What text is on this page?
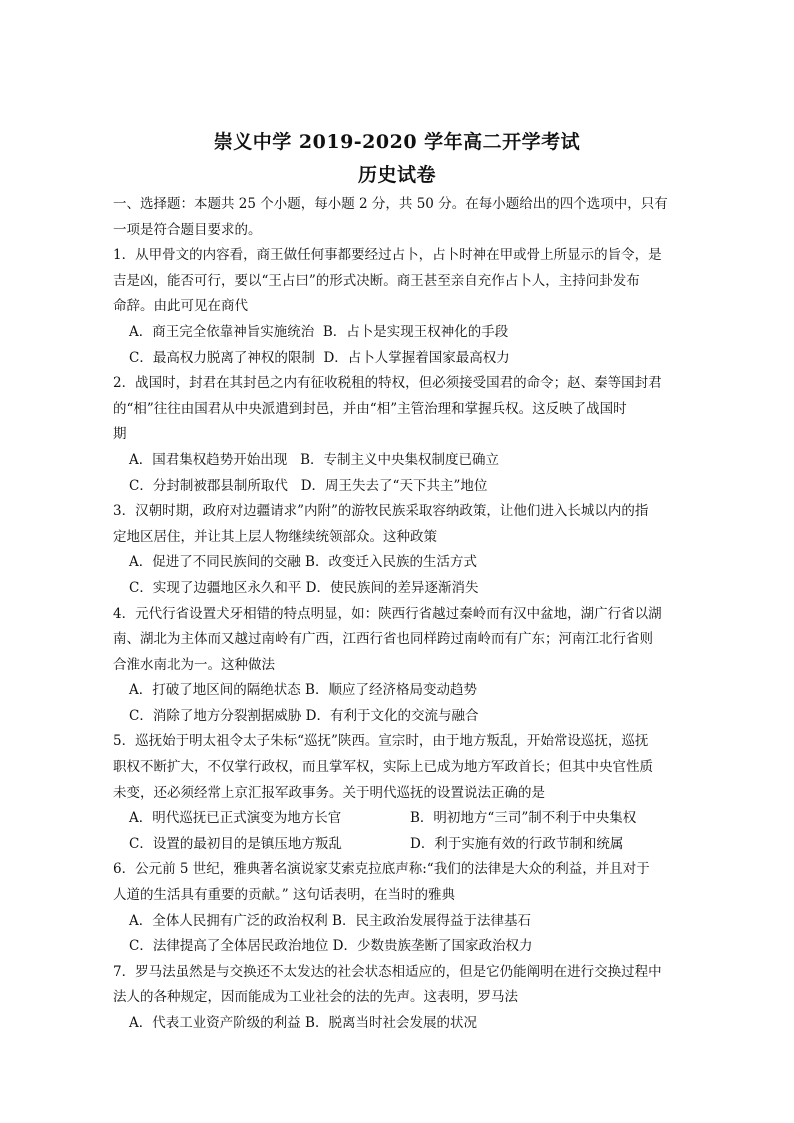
崇义中学 2019-2020 学年高二开学考试
历史试卷

一、选择题：本题共 25 个小题，每小题 2 分，共 50 分。在每小题给出的四个选项中，只有

一项是符合题目要求的。

1．从甲骨文的内容看，商王做任何事都要经过占卜，占卜时神在甲或骨上所显示的旨令，是

吉是凶，能否可行，要以“王占曰”的形式决断。商王甚至亲自充作占卜人，主持问卦发布

命辞。由此可见在商代

A．商王完全依靠神旨实施统治 B．占卜是实现王权神化的手段
C．最高权力脱离了神权的限制 D．占卜人掌握着国家最高权力

2．战国时，封君在其封邑之内有征收税租的特权，但必须接受国君的命令；赵、秦等国封君

的“相”往往由国君从中央派遣到封邑，并由“相”主管治理和掌握兵权。这反映了战国时

期

A．国君集权趋势开始出现 B．专制主义中央集权制度已确立
C．分封制被郡县制所取代 D．周王失去了“天下共主”地位

3．汉朝时期，政府对边疆请求”内附”的游牧民族采取容纳政策，让他们进入长城以内的指

定地区居住，并让其上层人物继续统领部众。这种政策

A．促进了不同民族间的交融 B．改变迁入民族的生活方式
C．实现了边疆地区永久和平 D．使民族间的差异逐渐消失

4．元代行省设置犬牙相错的特点明显，如：陕西行省越过秦岭而有汉中盆地，湖广行省以湖

南、湖北为主体而又越过南岭有广西，江西行省也同样跨过南岭而有广东；河南江北行省则

合淮水南北为一。这种做法

A．打破了地区间的隔绝状态 B．顺应了经济格局变动趋势
C．消除了地方分裂割据威胁 D．有利于文化的交流与融合

5．巡抚始于明太祖令太子朱标“巡抚”陕西。宣宗时，由于地方叛乱，开始常设巡抚，巡抚

职权不断扩大，不仅掌行政权，而且掌军权，实际上已成为地方军政首长；但其中央官性质

未变，还必须经常上京汇报军政事务。关于明代巡抚的设置说法正确的是

A．明代巡抚已正式演变为地方长官	B．明初地方“三司”制不利于中央集权
C．设置的最初目的是镇压地方叛乱	D．利于实施有效的行政节制和统属

6．公元前 5 世纪，雅典著名演说家艾索克拉底声称:“我们的法律是大众的利益，并且对于

人道的生活具有重要的贡献。” 这句话表明，在当时的雅典

A．全体人民拥有广泛的政治权利 B．民主政治发展得益于法律基石
C．法律提高了全体居民政治地位 D．少数贵族垄断了国家政治权力

7．罗马法虽然是与交换还不太发达的社会状态相适应的，但是它仍能阐明在进行交换过程中

法人的各种规定，因而能成为工业社会的法的先声。这表明，罗马法

A．代表工业资产阶级的利益 B．脱离当时社会发展的状况
